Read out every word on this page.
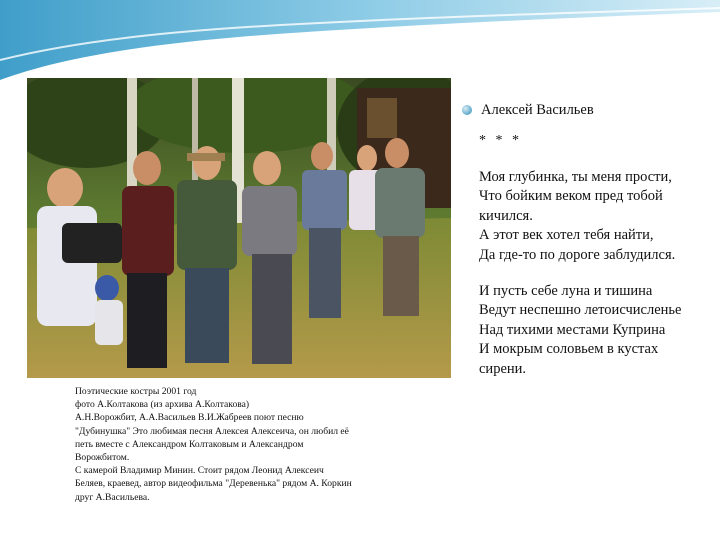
Поэтические костры 2001 год
фото А.Колтакова (из архива А.Колтакова)
А.Н.Ворожбит, А.А.Васильев В.И.Жабреев поют песню
"Дубинушка" Это любимая песня Алексея Алексеича, он любил её
петь вместе с Александром Колтаковым и Александром
Ворожбитом.
С камерой Владимир Минин. Стоит рядом Леонид Алексеич
Беляев, краевед, автор видеофильма "Деревенька" рядом А. Коркин
друг А.Васильева.
Алексей Васильев
* * *
Моя глубинка, ты меня прости,
Что бойким веком пред тобой
кичился.
А этот век хотел тебя найти,
Да где-то по дороге заблудился.
И пусть себе луна и тишина
Ведут неспешно летоисчисленье
Над тихими местами Куприна
И мокрым соловьем в кустах
сирени.
